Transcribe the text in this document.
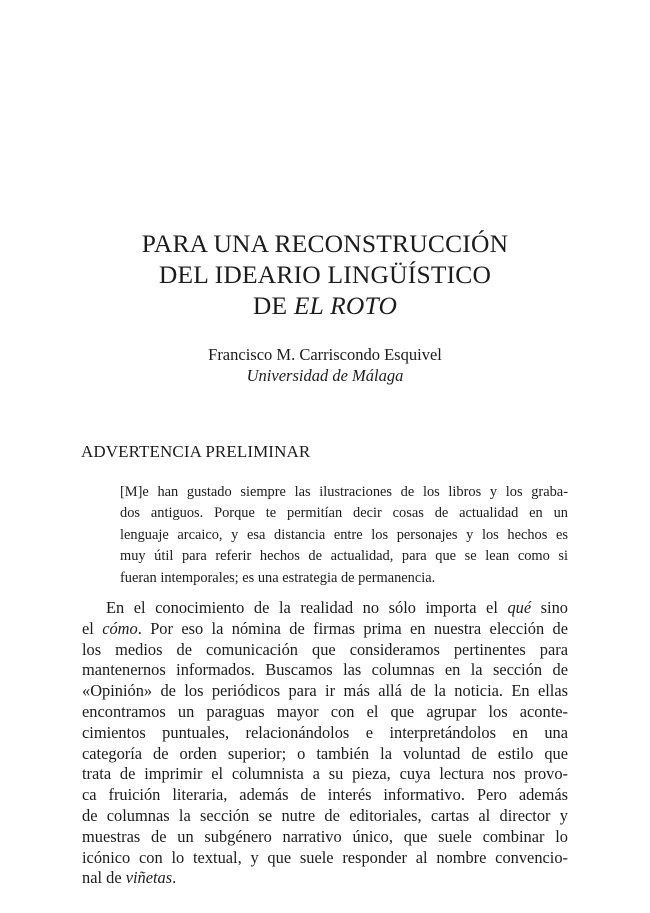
PARA UNA RECONSTRUCCIÓN
DEL IDEARIO LINGÜÍSTICO
DE EL ROTO
Francisco M. Carriscondo Esquivel
Universidad de Málaga
ADVERTENCIA PRELIMINAR
[M]e han gustado siempre las ilustraciones de los libros y los graba-
dos antiguos. Porque te permitían decir cosas de actualidad en un
lenguaje arcaico, y esa distancia entre los personajes y los hechos es
muy útil para referir hechos de actualidad, para que se lean como si
fueran intemporales; es una estrategia de permanencia.
En el conocimiento de la realidad no sólo importa el qué sino
el cómo. Por eso la nómina de firmas prima en nuestra elección de
los medios de comunicación que consideramos pertinentes para
mantenernos informados. Buscamos las columnas en la sección de
«Opinión» de los periódicos para ir más allá de la noticia. En ellas
encontramos un paraguas mayor con el que agrupar los aconte-
cimientos puntuales, relacionándolos e interpretándolos en una
categoría de orden superior; o también la voluntad de estilo que
trata de imprimir el columnista a su pieza, cuya lectura nos provo-
ca fruición literaria, además de interés informativo. Pero además
de columnas la sección se nutre de editoriales, cartas al director y
muestras de un subgénero narrativo único, que suele combinar lo
icónico con lo textual, y que suele responder al nombre convencio-
nal de viñetas.
